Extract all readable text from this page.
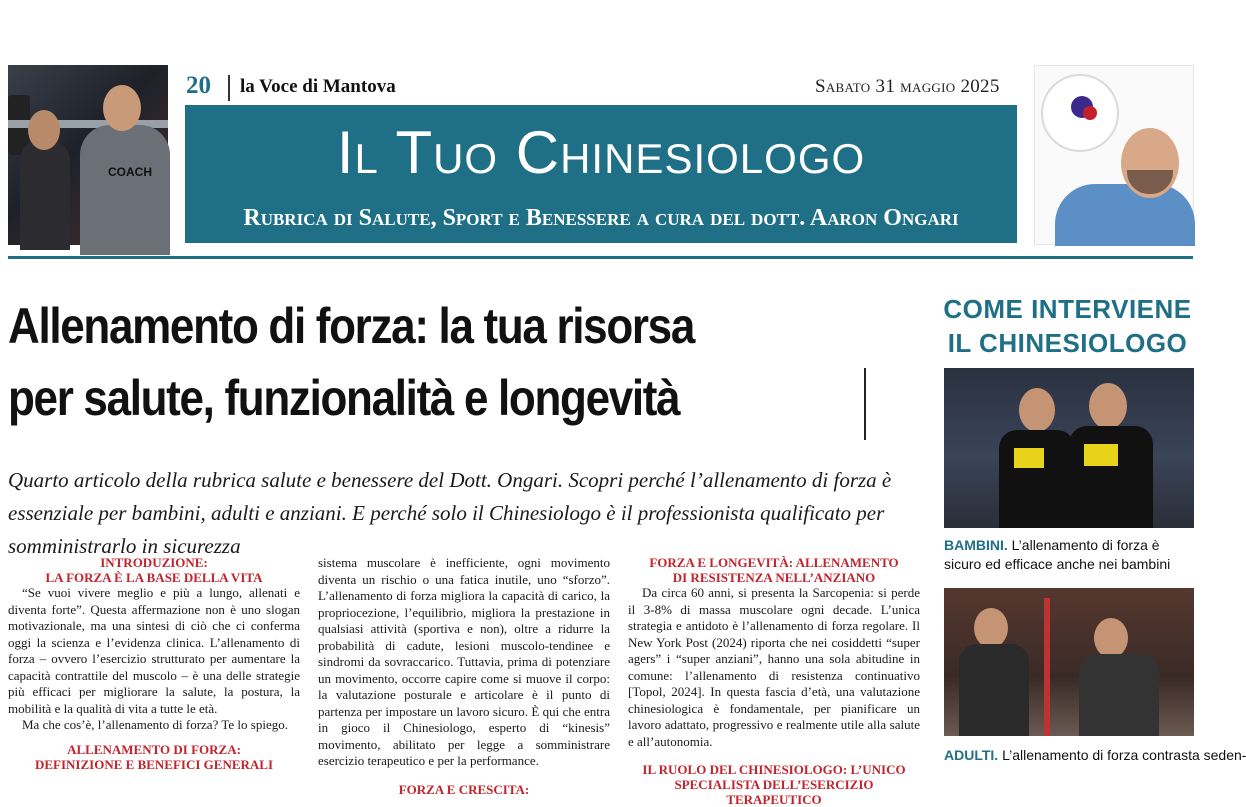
COACH
20 la Voce di Mantova	Sabato 31 maggio 2025
Il Tuo Chinesiologo
Rubrica di Salute, Sport e Benessere a cura del dott. Aaron Ongari
Allenamento di forza: la tua risorsa
per salute, funzionalità e longevità
Quarto articolo della rubrica salute e benessere del Dott. Ongari. Scopri perché l’allenamento di forza è essenziale per bambini, adulti e anziani. E perché solo il Chinesiologo è il professionista qualificato per somministrarlo in sicurezza
INTRODUZIONE:
LA FORZA È LA BASE DELLA VITA

“Se vuoi vivere meglio e più a lungo, allenati e diventa forte”. Questa affermazione non è uno slogan motivazionale, ma una sintesi di ciò che ci conferma oggi la scienza e l’evidenza clinica. L’allenamento di forza – ovvero l’esercizio strutturato per aumentare la capacità contrattile del muscolo – è una delle strategie più efficaci per migliorare la salute, la postura, la mobilità e la qualità di vita a tutte le età.

Ma che cos’è, l’allenamento di forza? Te lo spiego.

ALLENAMENTO DI FORZA:
DEFINIZIONE E BENEFICI GENERALI

sistema muscolare è inefficiente, ogni movimento diventa un rischio o una fatica inutile, uno “sforzo”. L’allenamento di forza migliora la capacità di carico, la propriocezione, l’equilibrio, migliora la prestazione in qualsiasi attività (sportiva e non), oltre a ridurre la probabilità di cadute, lesioni muscolo-tendinee e sindromi da sovraccarico. Tuttavia, prima di potenziare un movimento, occorre capire come si muove il corpo: la valutazione posturale e articolare è il punto di partenza per impostare un lavoro sicuro. È qui che entra in gioco il Chinesiologo, esperto di “kinesis” movimento, abilitato per legge a somministrare esercizio terapeutico e per la performance.

FORZA E CRESCITA:
FORZA E LONGEVITÀ: ALLENAMENTO
DI RESISTENZA NELL’ANZIANO

Da circa 60 anni, si presenta la Sarcopenia: si perde il 3-8% di massa muscolare ogni decade. L’unica strategia e antidoto è l’allenamento di forza regolare. Il New York Post (2024) riporta che nei cosiddetti “super agers” i “super anziani”, hanno una sola abitudine in comune: l’allenamento di resistenza continuativo [Topol, 2024]. In questa fascia d’età, una valutazione chinesiologica è fondamentale, per pianificare un lavoro adattato, progressivo e realmente utile alla salute e all’autonomia.

IL RUOLO DEL CHINESIOLOGO: L’UNICO
SPECIALISTA DELL’ESERCIZIO TERAPEUTICO
COME INTERVIENE
IL CHINESIOLOGO
BAMBINI. L’allenamento di forza è sicuro ed efficace anche nei bambini
ADULTI. L’allenamento di forza contrasta seden-
